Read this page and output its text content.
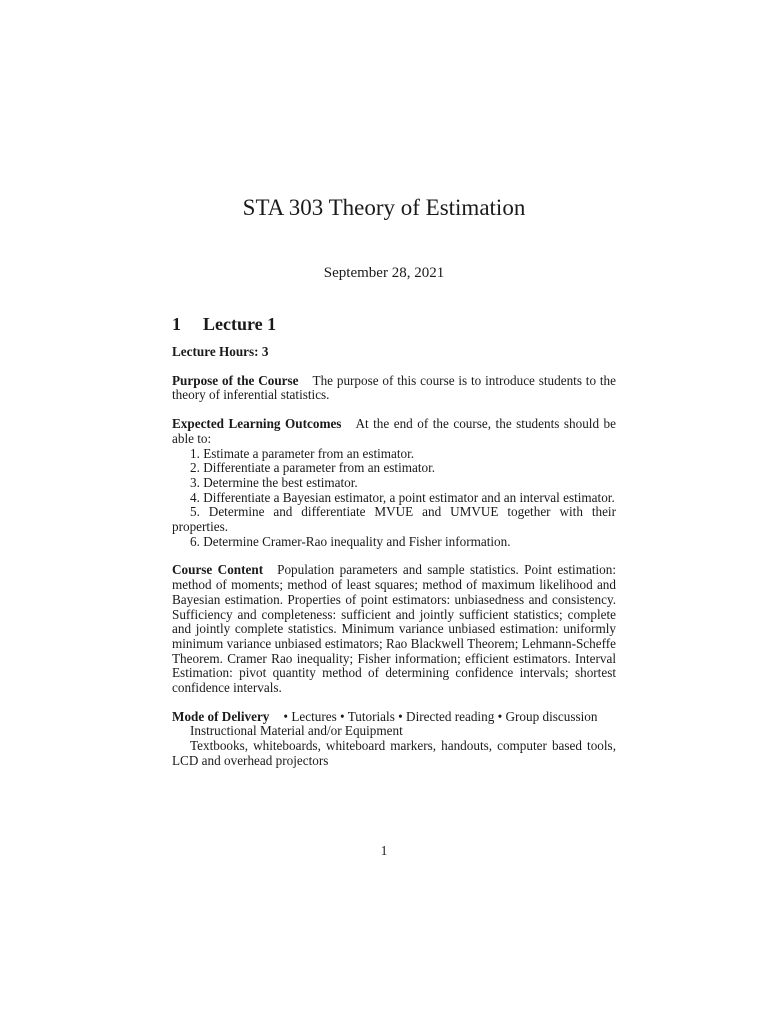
STA 303 Theory of Estimation
September 28, 2021
1	Lecture 1

Lecture Hours: 3

Purpose of the Course The purpose of this course is to introduce students to the theory of inferential statistics.

Expected Learning Outcomes At the end of the course, the students should be able to:

1. Estimate a parameter from an estimator.
2. Differentiate a parameter from an estimator.
3. Determine the best estimator.
4. Differentiate a Bayesian estimator, a point estimator and an interval estimator.
5. Determine and differentiate MVUE and UMVUE together with their properties.
6. Determine Cramer-Rao inequality and Fisher information.

Course Content Population parameters and sample statistics. Point estimation: method of moments; method of least squares; method of maximum likelihood and Bayesian estimation. Properties of point estimators: unbiasedness and consistency. Sufficiency and completeness: sufficient and jointly sufficient statistics; complete and jointly complete statistics. Minimum variance unbiased estimation: uniformly minimum variance unbiased estimators; Rao Blackwell Theorem; Lehmann-Scheffe Theorem. Cramer Rao inequality; Fisher information; efficient estimators. Interval Estimation: pivot quantity method of determining confidence intervals; shortest confidence intervals.

Mode of Delivery • Lectures • Tutorials • Directed reading • Group discussion

Instructional Material and/or Equipment

Textbooks, whiteboards, whiteboard markers, handouts, computer based tools, LCD and overhead projectors

1
